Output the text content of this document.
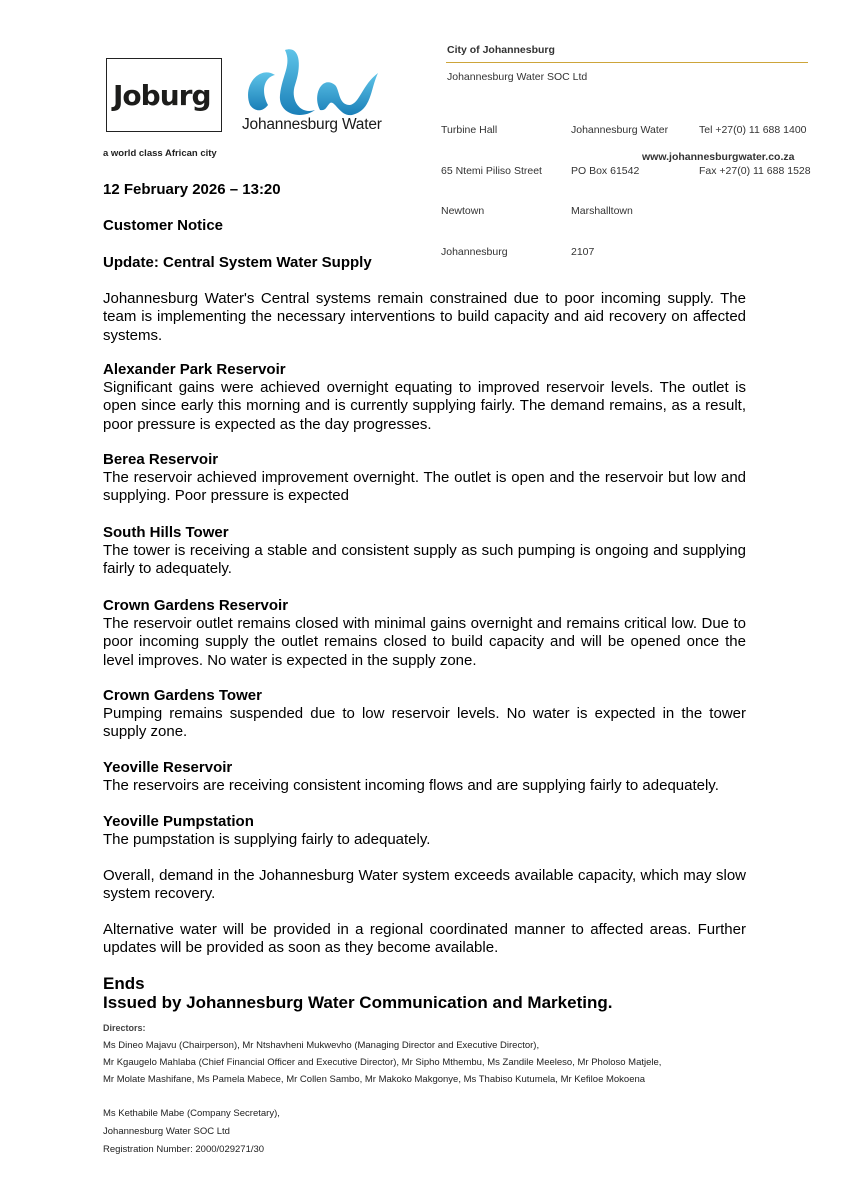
Joburg
a world class African city
Johannesburg Water
City of Johannesburg
Johannesburg Water SOC Ltd

Turbine Hall

65 Ntemi Piliso Street

Newtown

Johannesburg

Johannesburg Water

PO Box 61542

Marshalltown

2107

Tel +27(0) 11 688 1400

Fax +27(0) 11 688 1528

www.johannesburgwater.co.za
12 February 2026 – 13:20
Customer Notice
Update: Central System Water Supply
Johannesburg Water's Central systems remain constrained due to poor incoming supply. The team is implementing the necessary interventions to build capacity and aid recovery on affected systems.
Alexander Park Reservoir
Significant gains were achieved overnight equating to improved reservoir levels. The outlet is open since early this morning and is currently supplying fairly. The demand remains, as a result, poor pressure is expected as the day progresses.
Berea Reservoir
The reservoir achieved improvement overnight. The outlet is open and the reservoir but low and supplying. Poor pressure is expected
South Hills Tower
The tower is receiving a stable and consistent supply as such pumping is ongoing and supplying fairly to adequately.
Crown Gardens Reservoir
The reservoir outlet remains closed with minimal gains overnight and remains critical low. Due to poor incoming supply the outlet remains closed to build capacity and will be opened once the level improves. No water is expected in the supply zone.
Crown Gardens Tower
Pumping remains suspended due to low reservoir levels. No water is expected in the tower supply zone.
Yeoville Reservoir
The reservoirs are receiving consistent incoming flows and are supplying fairly to adequately.
Yeoville Pumpstation
The pumpstation is supplying fairly to adequately.
Overall, demand in the Johannesburg Water system exceeds available capacity, which may slow system recovery.
Alternative water will be provided in a regional coordinated manner to affected areas. Further updates will be provided as soon as they become available.
Ends
Issued by Johannesburg Water Communication and Marketing.
Directors:
Ms Dineo Majavu (Chairperson), Mr Ntshavheni Mukwevho (Managing Director and Executive Director),
Mr Kgaugelo Mahlaba (Chief Financial Officer and Executive Director), Mr Sipho Mthembu, Ms Zandile Meeleso, Mr Pholoso Matjele,
Mr Molate Mashifane, Ms Pamela Mabece, Mr Collen Sambo, Mr Makoko Makgonye, Ms Thabiso Kutumela, Mr Kefiloe Mokoena
Ms Kethabile Mabe (Company Secretary),
Johannesburg Water SOC Ltd
Registration Number: 2000/029271/30
